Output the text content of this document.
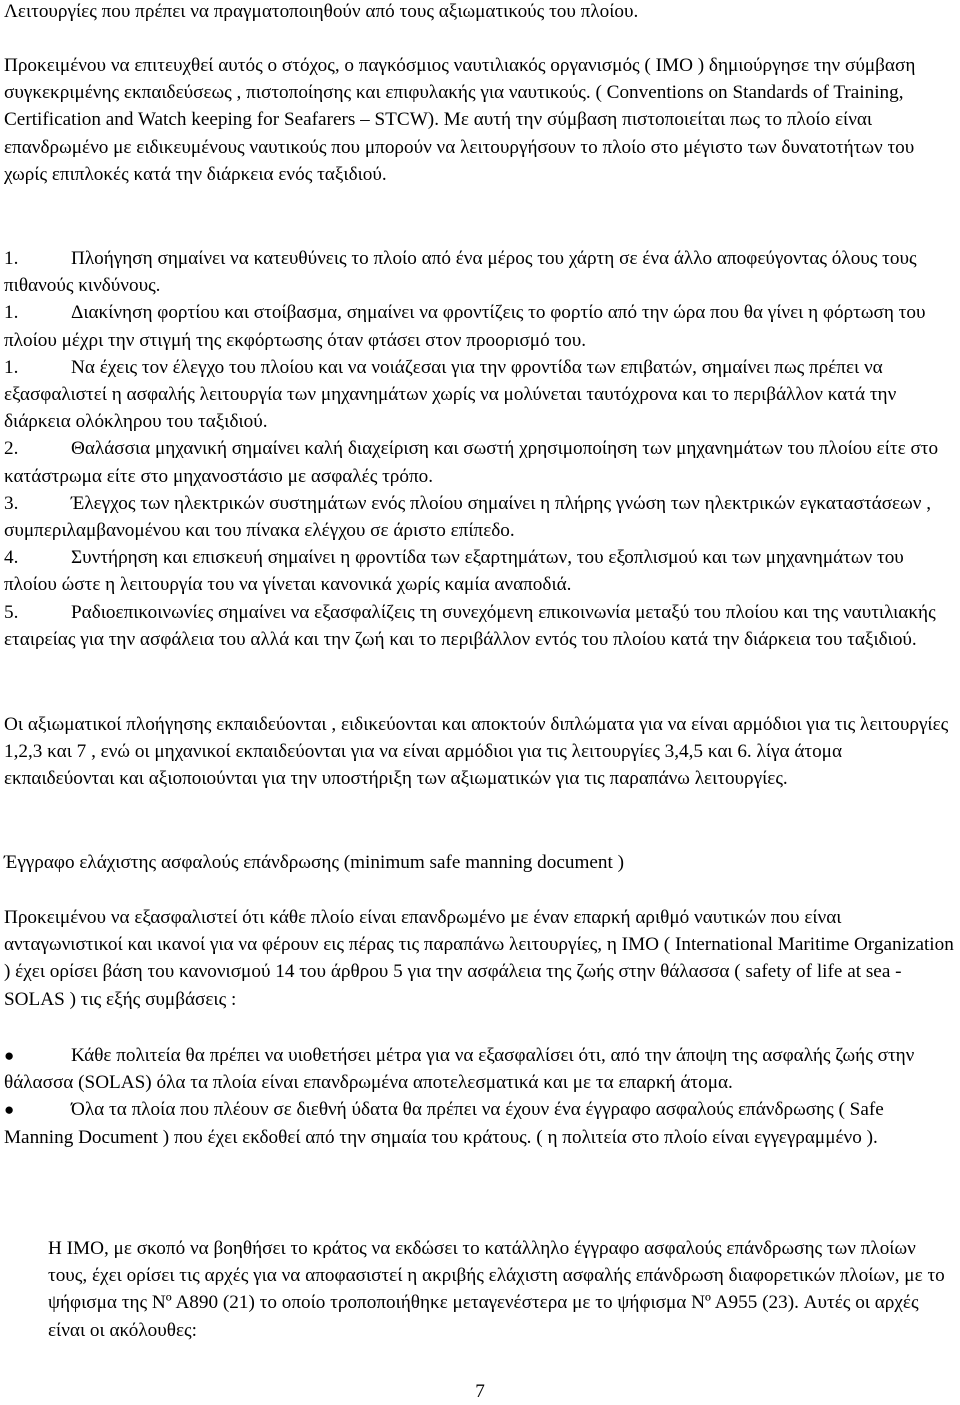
Λειτουργίες που πρέπει να πραγματοποιηθούν από τους αξιωματικούς του πλοίου.

Προκειμένου να επιτευχθεί αυτός ο στόχος, ο παγκόσμιος ναυτιλιακός οργανισμός ( IMO ) δημιούργησε την σύμβαση συγκεκριμένης εκπαιδεύσεως , πιστοποίησης και επιφυλακής για ναυτικούς. ( Conventions on Standards of Training, Certification and Watch keeping for Seafarers – STCW). Με αυτή την σύμβαση πιστοποιείται πως το πλοίο είναι επανδρωμένο με ειδικευμένους ναυτικούς που μπορούν να λειτουργήσουν το πλοίο στο μέγιστο των δυνατοτήτων του χωρίς επιπλοκές κατά την διάρκεια ενός ταξιδιού.

1.	Πλοήγηση σημαίνει να κατευθύνεις το πλοίο από ένα μέρος του χάρτη σε ένα άλλο αποφεύγοντας όλους τους πιθανούς κινδύνους.

1.	Διακίνηση φορτίου και στοίβασμα, σημαίνει να φροντίζεις το φορτίο από την ώρα που θα γίνει η φόρτωση του πλοίου μέχρι την στιγμή της εκφόρτωσης όταν φτάσει στον προορισμό του.

1.	Να έχεις τον έλεγχο του πλοίου και να νοιάζεσαι για την φροντίδα των επιβατών, σημαίνει πως πρέπει να εξασφαλιστεί η ασφαλής λειτουργία των μηχανημάτων χωρίς να μολύνεται ταυτόχρονα και το περιβάλλον κατά την διάρκεια ολόκληρου του ταξιδιού.

2.	Θαλάσσια μηχανική σημαίνει καλή διαχείριση και σωστή χρησιμοποίηση των μηχανημάτων του πλοίου είτε στο κατάστρωμα είτε στο μηχανοστάσιο με ασφαλές τρόπο.

3.	Έλεγχος των ηλεκτρικών συστημάτων ενός πλοίου σημαίνει η πλήρης γνώση των ηλεκτρικών εγκαταστάσεων , συμπεριλαμβανομένου και του πίνακα ελέγχου σε άριστο επίπεδο.

4.	Συντήρηση και επισκευή σημαίνει η φροντίδα των εξαρτημάτων, του εξοπλισμού και των μηχανημάτων του πλοίου ώστε η λειτουργία του να γίνεται κανονικά χωρίς καμία αναποδιά.

5.	Ραδιοεπικοινωνίες σημαίνει να εξασφαλίζεις τη συνεχόμενη επικοινωνία μεταξύ του πλοίου και της ναυτιλιακής εταιρείας για την ασφάλεια του αλλά και την ζωή και το περιβάλλον εντός του πλοίου κατά την διάρκεια του ταξιδιού.

Οι αξιωματικοί πλοήγησης εκπαιδεύονται , ειδικεύονται και αποκτούν διπλώματα για να είναι αρμόδιοι για τις λειτουργίες 1,2,3 και 7 , ενώ οι μηχανικοί εκπαιδεύονται για να είναι αρμόδιοι για τις λειτουργίες 3,4,5 και 6. λίγα άτομα εκπαιδεύονται και αξιοποιούνται για την υποστήριξη των αξιωματικών για τις παραπάνω λειτουργίες.

Έγγραφο ελάχιστης ασφαλούς επάνδρωσης (minimum safe manning document )

Προκειμένου να εξασφαλιστεί ότι κάθε πλοίο είναι επανδρωμένο με έναν επαρκή αριθμό ναυτικών που είναι ανταγωνιστικοί και ικανοί για να φέρουν εις πέρας τις παραπάνω λειτουργίες, η IMO ( International Maritime Organization ) έχει ορίσει βάση του κανονισμού 14 του άρθρου 5 για την ασφάλεια της ζωής στην θάλασσα ( safety of life at sea - SOLAS ) τις εξής συμβάσεις :

●	Κάθε πολιτεία θα πρέπει να υιοθετήσει μέτρα για να εξασφαλίσει ότι, από την άποψη της ασφαλής ζωής στην θάλασσα (SOLAS) όλα τα πλοία είναι επανδρωμένα αποτελεσματικά και με τα επαρκή άτομα.

●	Όλα τα πλοία που πλέουν σε διεθνή ύδατα θα πρέπει να έχουν ένα έγγραφο ασφαλούς επάνδρωσης ( Safe Manning Document ) που έχει εκδοθεί από την σημαία του κράτους. ( η πολιτεία στο πλοίο είναι εγγεγραμμένο ).

Η IMO, με σκοπό να βοηθήσει το κράτος να εκδώσει το κατάλληλο έγγραφο ασφαλούς επάνδρωσης των πλοίων τους, έχει ορίσει τις αρχές για να αποφασιστεί η ακριβής ελάχιστη ασφαλής επάνδρωση διαφορετικών πλοίων, με το ψήφισμα της Nº A890 (21) το οποίο τροποποιήθηκε μεταγενέστερα με το ψήφισμα Nº A955 (23). Αυτές οι αρχές είναι οι ακόλουθες:

7
